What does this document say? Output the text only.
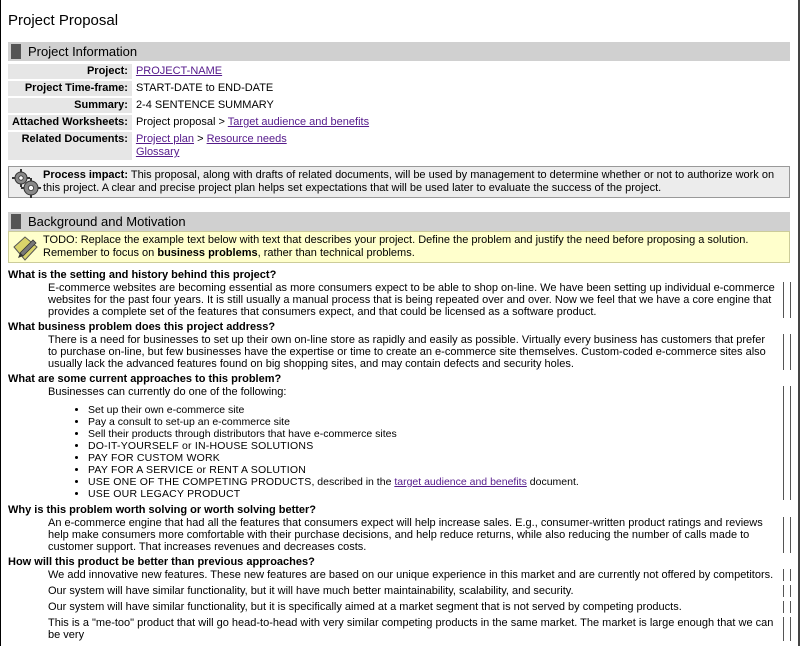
Project Proposal
Project Information
Project:	PROJECT-NAME
Project Time-frame:	START-DATE to END-DATE
Summary:	2-4 SENTENCE SUMMARY
Attached Worksheets:	Project proposal > Target audience and benefits
Related Documents:	Project plan > Resource needs
Glossary
Process impact: This proposal, along with drafts of related documents, will be used by management to determine whether or not to authorize work on this project. A clear and precise project plan helps set expectations that will be used later to evaluate the success of the project.
Background and Motivation
TODO: Replace the example text below with text that describes your project. Define the problem and justify the need before proposing a solution. Remember to focus on business problems, rather than technical problems.

What is the setting and history behind this project?

E-commerce websites are becoming essential as more consumers expect to be able to shop on-line. We have been setting up individual e-commerce websites for the past four years. It is still usually a manual process that is being repeated over and over. Now we feel that we have a core engine that provides a complete set of the features that consumers expect, and that could be licensed as a software product.

What business problem does this project address?

There is a need for businesses to set up their own on-line store as rapidly and easily as possible. Virtually every business has customers that prefer to purchase on-line, but few businesses have the expertise or time to create an e-commerce site themselves. Custom-coded e-commerce sites also usually lack the advanced features found on big shopping sites, and may contain defects and security holes.

What are some current approaches to this problem?

Businesses can currently do one of the following:
• Set up their own e-commerce site
• Pay a consult to set-up an e-commerce site
• Sell their products through distributors that have e-commerce sites
• DO-IT-YOURSELF or IN-HOUSE SOLUTIONS
• PAY FOR CUSTOM WORK
• PAY FOR A SERVICE or RENT A SOLUTION
• USE ONE OF THE COMPETING PRODUCTS, described in the target audience and benefits document.
• USE OUR LEGACY PRODUCT

Why is this problem worth solving or worth solving better?

An e-commerce engine that had all the features that consumers expect will help increase sales. E.g., consumer-written product ratings and reviews help make consumers more comfortable with their purchase decisions, and help reduce returns, while also reducing the number of calls made to customer support. That increases revenues and decreases costs.

How will this product be better than previous approaches?

We add innovative new features. These new features are based on our unique experience in this market and are currently not offered by competitors.

Our system will have similar functionality, but it will have much better maintainability, scalability, and security.

Our system will have similar functionality, but it is specifically aimed at a market segment that is not served by competing products.

This is a "me-too" product that will go head-to-head with very similar competing products in the same market. The market is large enough that we can be very
